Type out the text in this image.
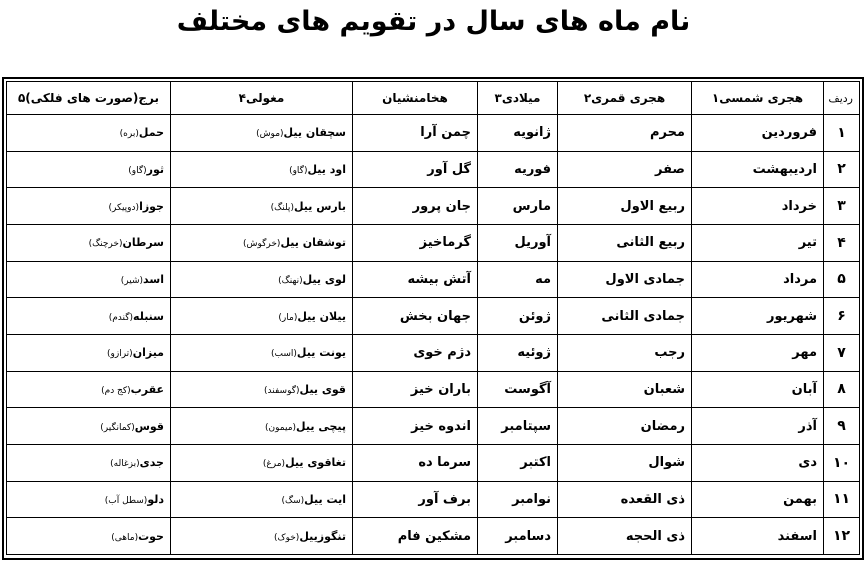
نام ماه های سال در تقویم های مختلف
ردیف	هجری شمسی۱	هجری قمری۲	میلادی۳	هخامنشیان	مغولی۴	برج(صورت های فلکی)۵
۱	فروردین	محرم	ژانویه	چمن آرا	سچقان ییل(موش)	حمل(بره)
۲	اردیبهشت	صفر	فوریه	گل آور	اود ییل(گاو)	ثور(گاو)
۳	خرداد	ربیع الاول	مارس	جان پرور	بارس ییل(پلنگ)	جوزا(دوپیکر)
۴	تیر	ربیع الثانی	آوریل	گرماخیز	توشقان ییل(خرگوش)	سرطان(خرچنگ)
۵	مرداد	جمادی الاول	مه	آتش بیشه	لوی ییل(نهنگ)	اسد(شیر)
۶	شهریور	جمادی الثانی	ژوئن	جهان بخش	ییلان ییل(مار)	سنبله(گندم)
۷	مهر	رجب	ژوئیه	دژم خوی	یونت ییل(اسب)	میزان(ترازو)
۸	آبان	شعبان	آگوست	باران خیز	قوی ییل(گوسفند)	عقرب(کج دم)
۹	آذر	رمضان	سپتامبر	اندوه خیز	پیچی ییل(میمون)	قوس(کمانگیر)
۱۰	دی	شوال	اکتبر	سرما ده	تغاقوی ییل(مرغ)	جدی(بزغاله)
۱۱	بهمن	ذی القعده	نوامبر	برف آور	ایت ییل(سگ)	دلو(سطل آب)
۱۲	اسفند	ذی الحجه	دسامبر	مشکین فام	تنگوزییل(خوک)	حوت(ماهی)
